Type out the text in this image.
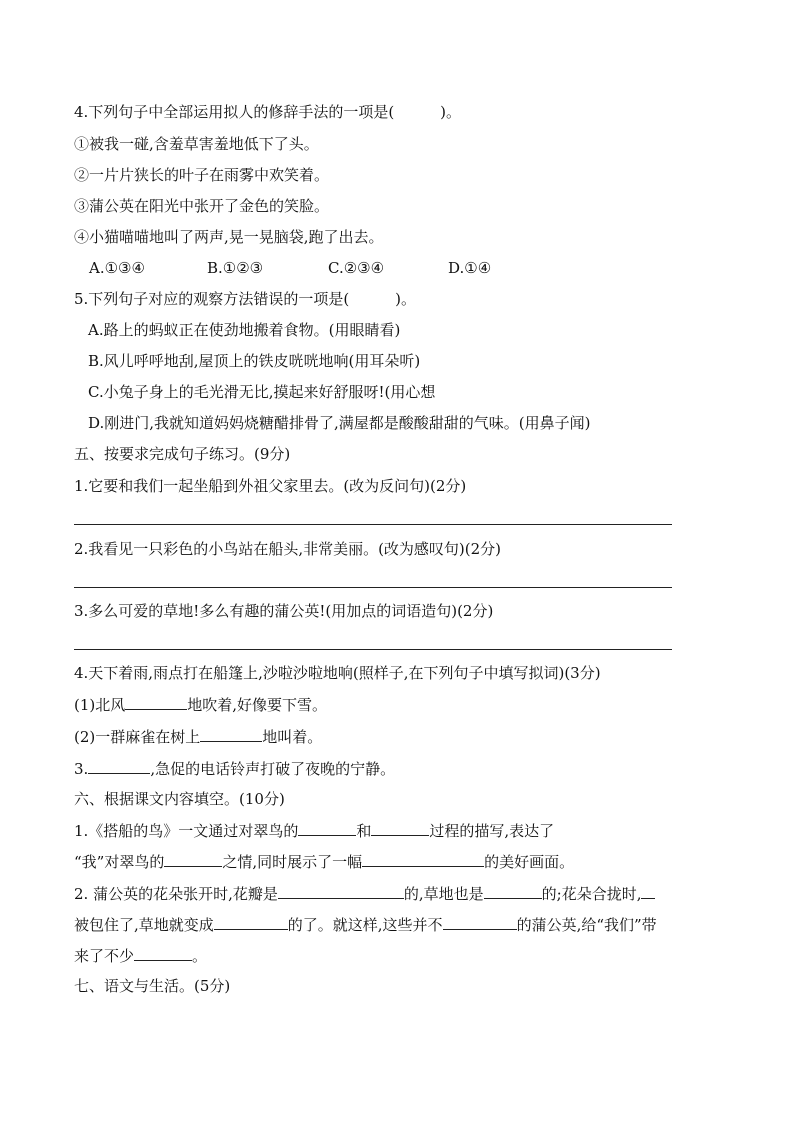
4.下列句子中全部运用拟人的修辞手法的一项是(	)。
①被我一碰,含羞草害羞地低下了头。
②一片片狭长的叶子在雨雾中欢笑着。
③蒲公英在阳光中张开了金色的笑脸。
④小猫喵喵地叫了两声,晃一晃脑袋,跑了出去。
A.①③④	B.①②③	C.②③④	D.①④
5.下列句子对应的观察方法错误的一项是(	)。
A.路上的蚂蚁正在使劲地搬着食物。(用眼睛看)
B.风儿呼呼地刮,屋顶上的铁皮咣咣地响(用耳朵听)
C.小兔子身上的毛光滑无比,摸起来好舒服呀!(用心想
D.刚进门,我就知道妈妈烧糖醋排骨了,满屋都是酸酸甜甜的气味。(用鼻子闻)
五、按要求完成句子练习。(9分)
1.它要和我们一起坐船到外祖父家里去。(改为反问句)(2分)
2.我看见一只彩色的小鸟站在船头,非常美丽。(改为感叹句)(2分)
3.多么可爱的草地!多么有趣的蒲公英!(用加点的词语造句)(2分)
4.天下着雨,雨点打在船篷上,沙啦沙啦地响(照样子,在下列句子中填写拟词)(3分)
(1)北风	地吹着,好像要下雪。
(2)一群麻雀在树上	地叫着。
3.	,急促的电话铃声打破了夜晚的宁静。
六、根据课文内容填空。(10分)
1.《搭船的鸟》一文通过对翠鸟的	和	过程的描写,表达了
“我”对翠鸟的	之情,同时展示了一幅	的美好画面。
2. 蒲公英的花朵张开时,花瓣是	的,草地也是	的;花朵合拢时,
被包住了,草地就变成	的了。就这样,这些并不	的蒲公英,给“我们”带
来了不少	。
七、语文与生活。(5分)
